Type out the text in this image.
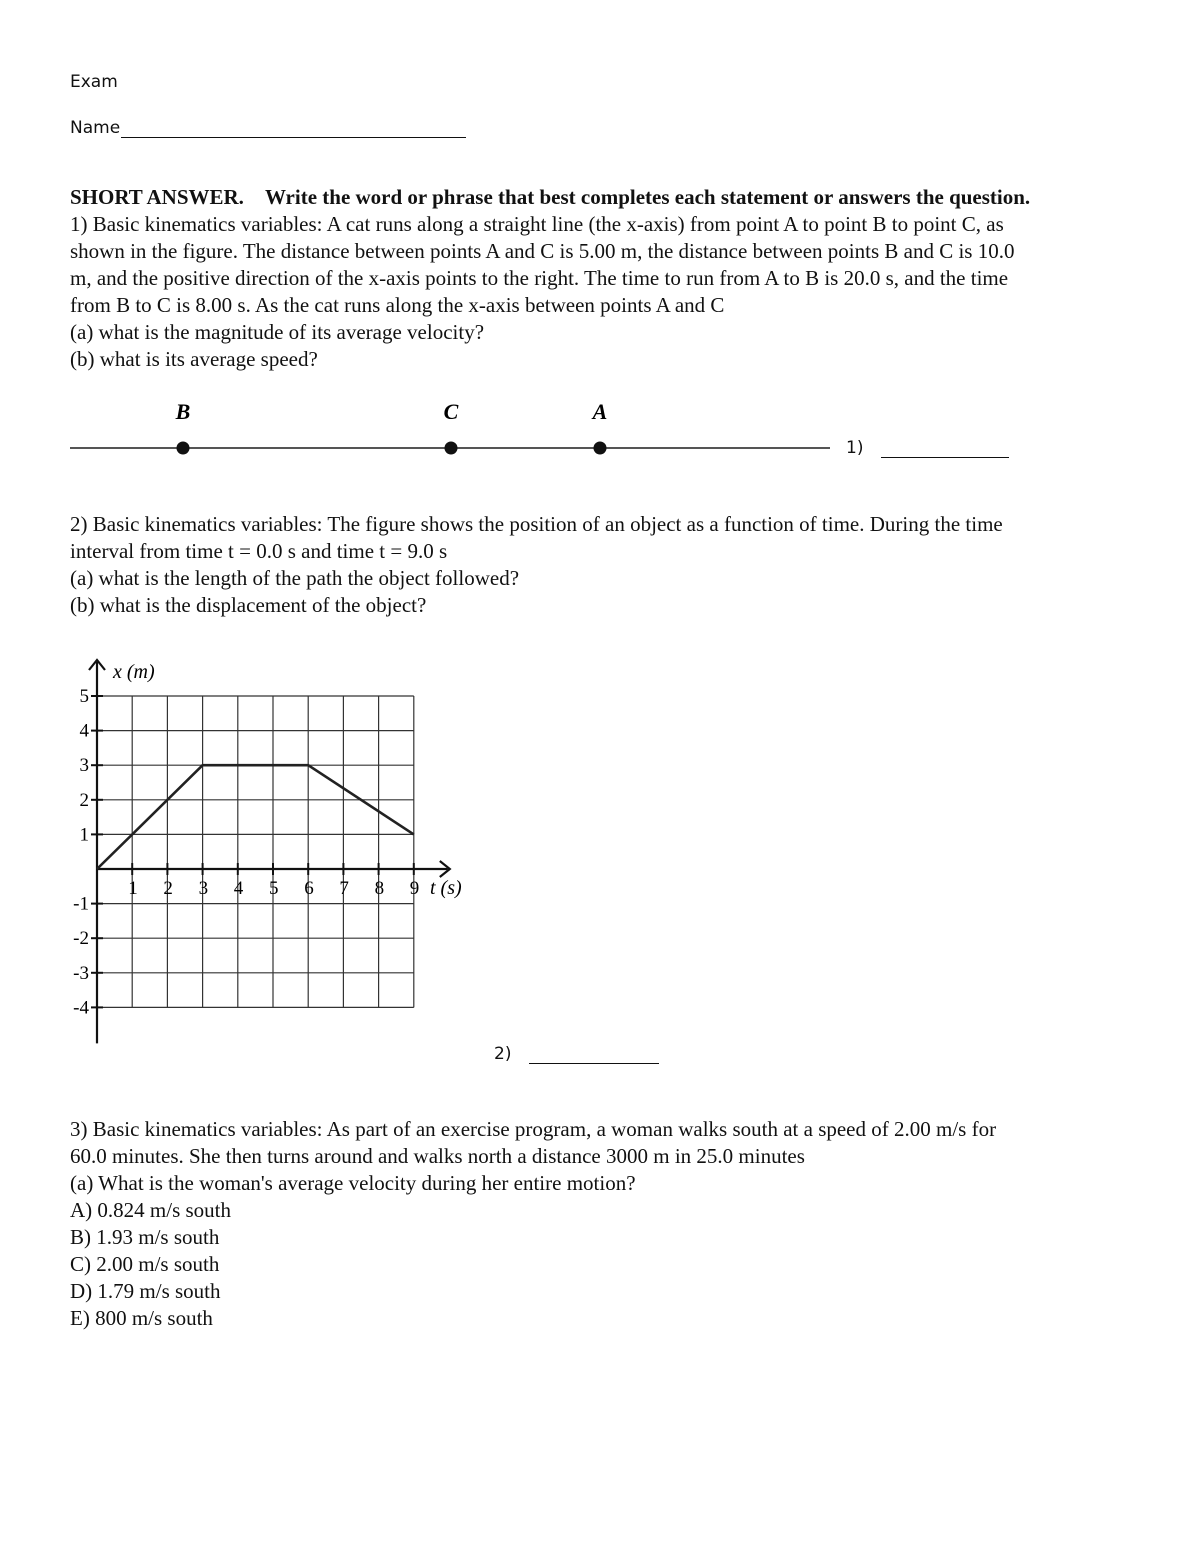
Exam
Name
SHORT ANSWER. Write the word or phrase that best completes each statement or answers the question.
1) Basic kinematics variables: A cat runs along a straight line (the x-axis) from point A to point B to point C, as
shown in the figure. The distance between points A and C is 5.00 m, the distance between points B and C is 10.0
m, and the positive direction of the x-axis points to the right. The time to run from A to B is 20.0 s, and the time
from B to C is 8.00 s. As the cat runs along the x-axis between points A and C
(a) what is the magnitude of its average velocity?
(b) what is its average speed?
B	C	A
1)
2) Basic kinematics variables: The figure shows the position of an object as a function of time. During the time
interval from time t = 0.0 s and time t = 9.0 s
(a) what is the length of the path the object followed?
(b) what is the displacement of the object?
1 2 3 4 5 6 7 8 9
5
4
3
2
1
-1
-2
-3
-4
x (m)
t (s)
2)
3) Basic kinematics variables: As part of an exercise program, a woman walks south at a speed of 2.00 m/s for
60.0 minutes. She then turns around and walks north a distance 3000 m in 25.0 minutes
(a) What is the woman's average velocity during her entire motion?
A) 0.824 m/s south
B) 1.93 m/s south
C) 2.00 m/s south
D) 1.79 m/s south
E) 800 m/s south
